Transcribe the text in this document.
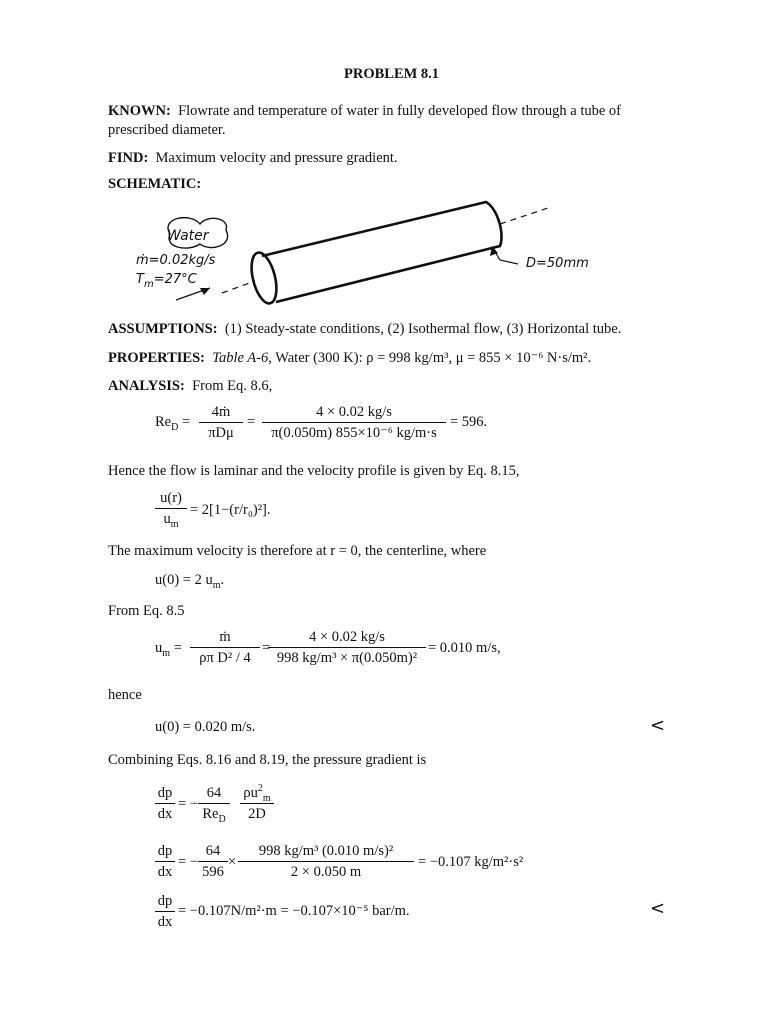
PROBLEM 8.1
KNOWN: Flowrate and temperature of water in fully developed flow through a tube of
prescribed diameter.
FIND: Maximum velocity and pressure gradient.
SCHEMATIC:
Water
ṁ=0.02kg/s
$T_m=27^\circ C$
D=50mm
ASSUMPTIONS: (1) Steady-state conditions, (2) Isothermal flow, (3) Horizontal tube.
PROPERTIES: Table A-6, Water (300 K): ρ = 998 kg/m³, μ = 855 × 10⁻⁶ N·s/m².
ANALYSIS: From Eq. 8.6,
$Re_D$ =
4ṁ
πDμ
= $\frac{4 \times 0.02 kg/s}{\text{π(0.050m) 855×10⁻⁶ kg/m·s}} = 596$.
Hence the flow is laminar and the velocity profile is given by Eq. 8.15,
$\frac{u(r)}{u_m} = 2[1-(r/r_0)^2]$.
The maximum velocity is therefore at r = 0, the centerline, where
u(0) = 2 $u_m$.
From Eq. 8.5
$u_m = \frac{\text{ṁ}}{\text{ρπ D² / 4}}$ =
$\frac{4 \times 0.02 kg/s}{\text{998 kg/m³ × π(0.050m)²}} = 0.010$ m/s,
hence
u(0) = 0.020 m/s.	<
Combining Eqs. 8.16 and 8.19, the pressure gradient is
$\frac{dp}{dx}$ = −
64
$Re_D \frac{\rho u^2_m}{2D}$
$\frac{dp}{dx}$ = − $\frac{64}{596} \times \frac{\text{998 kg/m³ (0.010 m/s)²}}{2 \times 0.050 m} = -0.107$ kg/m²·s²
$\frac{dp}{dx} = -0.107N/m^2\cdot m = -0.107\times 10^{-5}$ bar/m.	<
